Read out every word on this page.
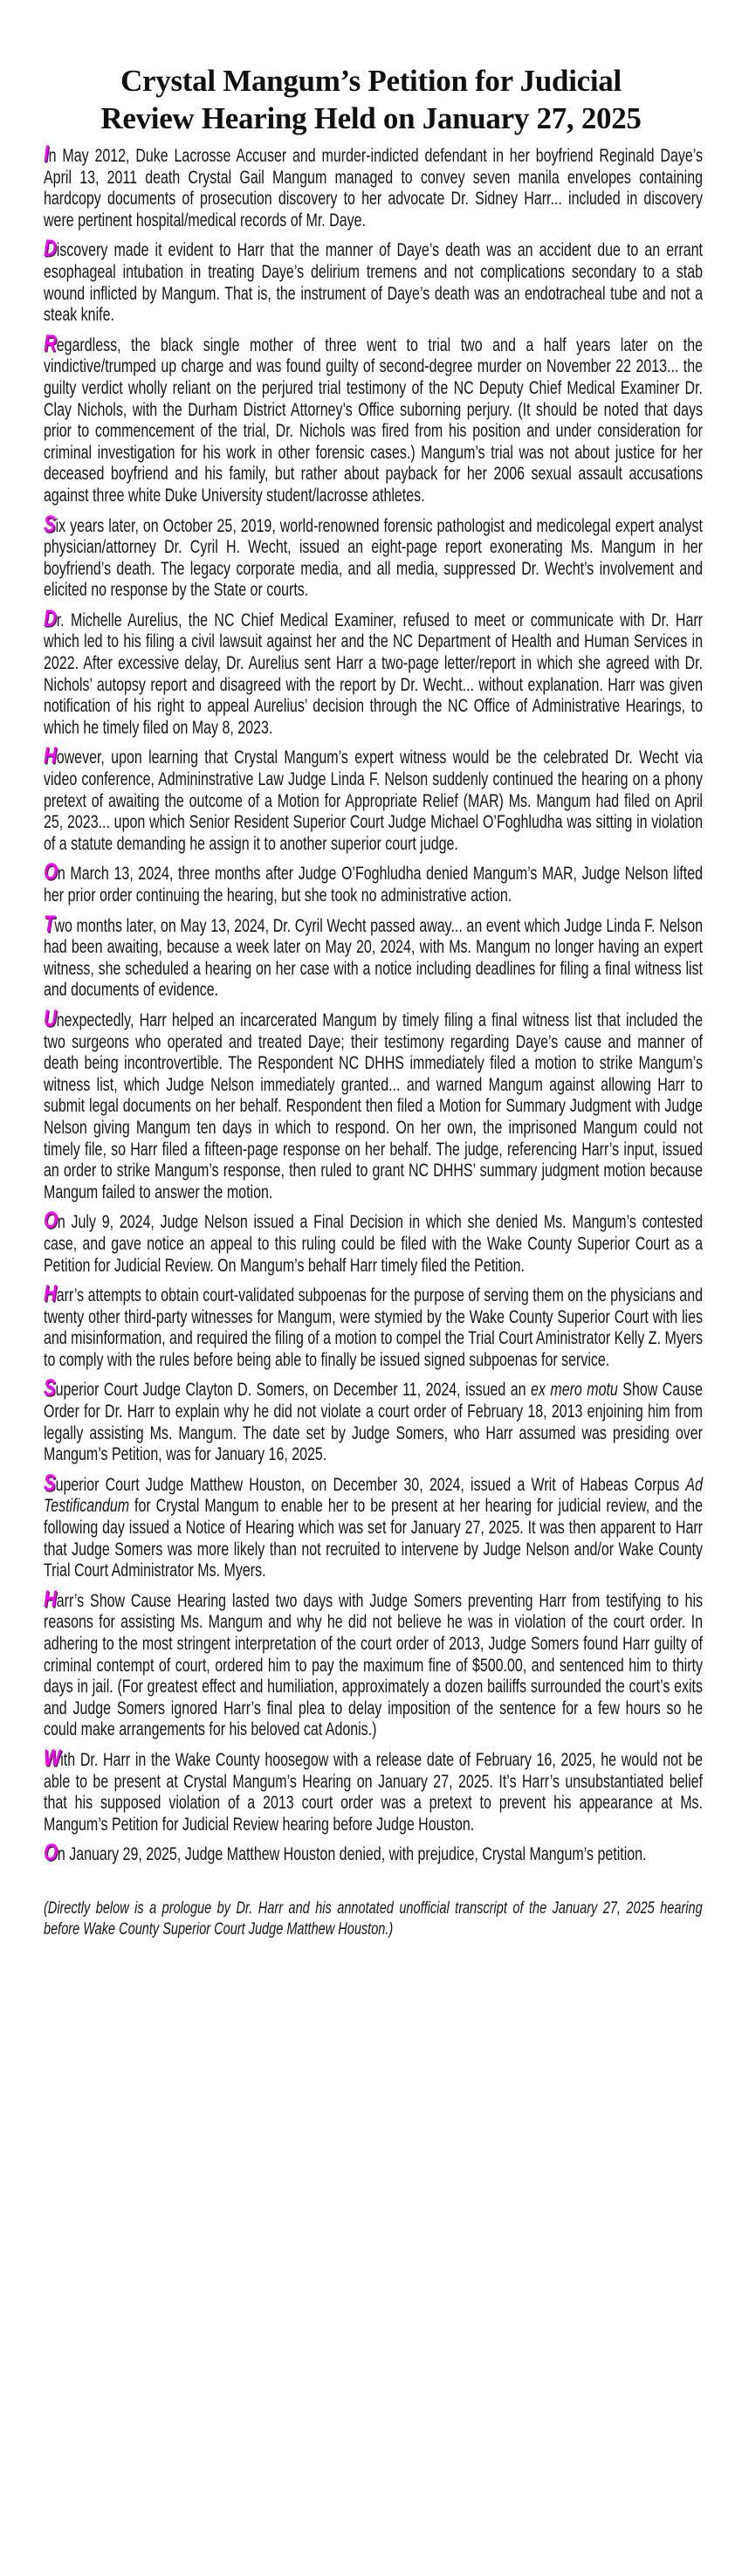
Crystal Mangum’s Petition for Judicial
Review Hearing Held on January 27, 2025

In May 2012, Duke Lacrosse Accuser and murder-indicted defendant in her boyfriend Reginald Daye’s April 13, 2011 death Crystal Gail Mangum managed to convey seven manila envelopes containing hardcopy documents of prosecution discovery to her advocate Dr. Sidney Harr... included in discovery were pertinent hospital/medical records of Mr. Daye.

Discovery made it evident to Harr that the manner of Daye’s death was an accident due to an errant esophageal intubation in treating Daye’s delirium tremens and not complications secondary to a stab wound inflicted by Mangum. That is, the instrument of Daye’s death was an endotracheal tube and not a steak knife.

Regardless, the black single mother of three went to trial two and a half years later on the vindictive/trumped up charge and was found guilty of second-degree murder on November 22 2013... the guilty verdict wholly reliant on the perjured trial testimony of the NC Deputy Chief Medical Examiner Dr. Clay Nichols, with the Durham District Attorney’s Office suborning perjury. (It should be noted that days prior to commencement of the trial, Dr. Nichols was fired from his position and under consideration for criminal investigation for his work in other forensic cases.) Mangum’s trial was not about justice for her deceased boyfriend and his family, but rather about payback for her 2006 sexual assault accusations against three white Duke University student/lacrosse athletes.

Six years later, on October 25, 2019, world-renowned forensic pathologist and medicolegal expert analyst physician/attorney Dr. Cyril H. Wecht, issued an eight-page report exonerating Ms. Mangum in her boyfriend’s death. The legacy corporate media, and all media, suppressed Dr. Wecht’s involvement and elicited no response by the State or courts.

Dr. Michelle Aurelius, the NC Chief Medical Examiner, refused to meet or communicate with Dr. Harr which led to his filing a civil lawsuit against her and the NC Department of Health and Human Services in 2022. After excessive delay, Dr. Aurelius sent Harr a two-page letter/report in which she agreed with Dr. Nichols’ autopsy report and disagreed with the report by Dr. Wecht... without explanation. Harr was given notification of his right to appeal Aurelius’ decision through the NC Office of Administrative Hearings, to which he timely filed on May 8, 2023.

However, upon learning that Crystal Mangum’s expert witness would be the celebrated Dr. Wecht via video conference, Admininstrative Law Judge Linda F. Nelson suddenly continued the hearing on a phony pretext of awaiting the outcome of a Motion for Appropriate Relief (MAR) Ms. Mangum had filed on April 25, 2023... upon which Senior Resident Superior Court Judge Michael O’Foghludha was sitting in violation of a statute demanding he assign it to another superior court judge.

On March 13, 2024, three months after Judge O’Foghludha denied Mangum’s MAR, Judge Nelson lifted her prior order continuing the hearing, but she took no administrative action.

Two months later, on May 13, 2024, Dr. Cyril Wecht passed away... an event which Judge Linda F. Nelson had been awaiting, because a week later on May 20, 2024, with Ms. Mangum no longer having an expert witness, she scheduled a hearing on her case with a notice including deadlines for filing a final witness list and documents of evidence.

Unexpectedly, Harr helped an incarcerated Mangum by timely filing a final witness list that included the two surgeons who operated and treated Daye; their testimony regarding Daye’s cause and manner of death being incontrovertible. The Respondent NC DHHS immediately filed a motion to strike Mangum’s witness list, which Judge Nelson immediately granted... and warned Mangum against allowing Harr to submit legal documents on her behalf. Respondent then filed a Motion for Summary Judgment with Judge Nelson giving Mangum ten days in which to respond. On her own, the imprisoned Mangum could not timely file, so Harr filed a fifteen-page response on her behalf. The judge, referencing Harr’s input, issued an order to strike Mangum’s response, then ruled to grant NC DHHS’ summary judgment motion because Mangum failed to answer the motion.

On July 9, 2024, Judge Nelson issued a Final Decision in which she denied Ms. Mangum’s contested case, and gave notice an appeal to this ruling could be filed with the Wake County Superior Court as a Petition for Judicial Review. On Mangum’s behalf Harr timely filed the Petition.

Harr’s attempts to obtain court-validated subpoenas for the purpose of serving them on the physicians and twenty other third-party witnesses for Mangum, were stymied by the Wake County Superior Court with lies and misinformation, and required the filing of a motion to compel the Trial Court Aministrator Kelly Z. Myers to comply with the rules before being able to finally be issued signed subpoenas for service.

Superior Court Judge Clayton D. Somers, on December 11, 2024, issued an ex mero motu Show Cause Order for Dr. Harr to explain why he did not violate a court order of February 18, 2013 enjoining him from legally assisting Ms. Mangum. The date set by Judge Somers, who Harr assumed was presiding over Mangum’s Petition, was for January 16, 2025.

Superior Court Judge Matthew Houston, on December 30, 2024, issued a Writ of Habeas Corpus Ad Testificandum for Crystal Mangum to enable her to be present at her hearing for judicial review, and the following day issued a Notice of Hearing which was set for January 27, 2025. It was then apparent to Harr that Judge Somers was more likely than not recruited to intervene by Judge Nelson and/or Wake County Trial Court Administrator Ms. Myers.

Harr’s Show Cause Hearing lasted two days with Judge Somers preventing Harr from testifying to his reasons for assisting Ms. Mangum and why he did not believe he was in violation of the court order. In adhering to the most stringent interpretation of the court order of 2013, Judge Somers found Harr guilty of criminal contempt of court, ordered him to pay the maximum fine of $500.00, and sentenced him to thirty days in jail. (For greatest effect and humiliation, approximately a dozen bailiffs surrounded the court’s exits and Judge Somers ignored Harr’s final plea to delay imposition of the sentence for a few hours so he could make arrangements for his beloved cat Adonis.)

With Dr. Harr in the Wake County hoosegow with a release date of February 16, 2025, he would not be able to be present at Crystal Mangum’s Hearing on January 27, 2025. It’s Harr’s unsubstantiated belief that his supposed violation of a 2013 court order was a pretext to prevent his appearance at Ms. Mangum’s Petition for Judicial Review hearing before Judge Houston.

On January 29, 2025, Judge Matthew Houston denied, with prejudice, Crystal Mangum’s petition.

(Directly below is a prologue by Dr. Harr and his annotated unofficial transcript of the January 27, 2025 hearing before Wake County Superior Court Judge Matthew Houston.)
